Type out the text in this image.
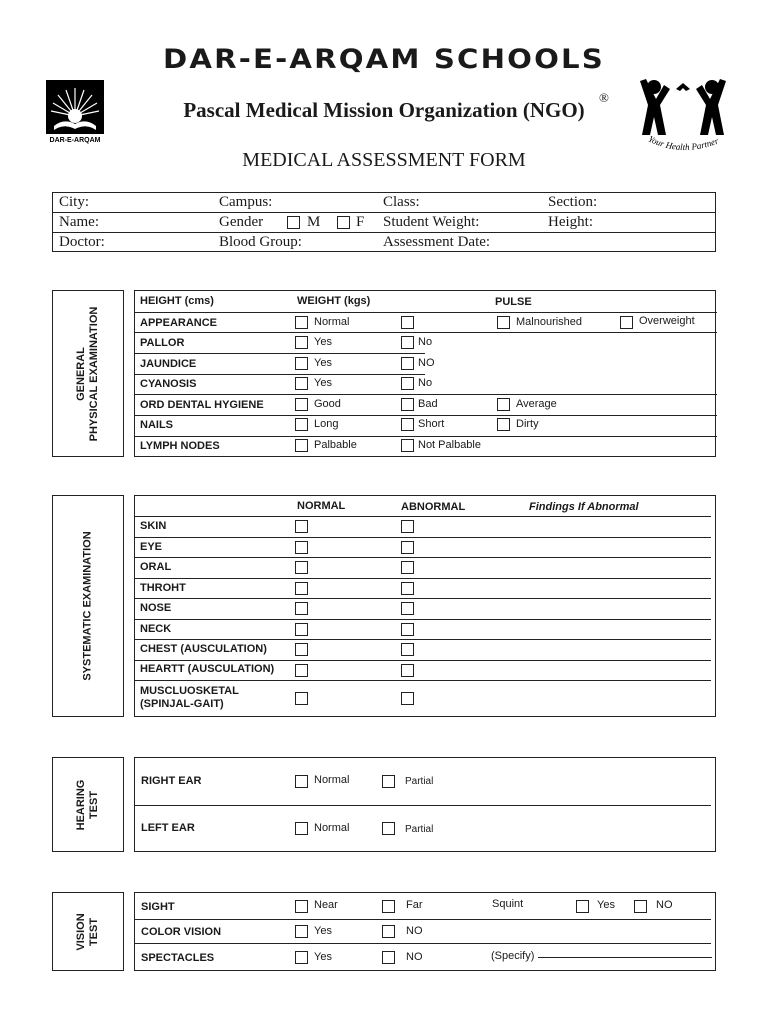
DAR-E-ARQAM SCHOOLS
DAR-E-ARQAM
Pascal Medical Mission Organization (NGO)
®
Your Health Partner
MEDICAL ASSESSMENT FORM
City:	Campus:	Class:	Section:
Name:	Gender	M F Student Weight:	Height:
Doctor:	Blood Group:	Assessment Date:
GENERAL PHYSICAL EXAMINATION
HEIGHT (cms)	WEIGHT (kgs)	PULSE
APPEARANCE	Normal	Malnourished	Overweight
PALLOR	Yes	No
JAUNDICE	Yes	NO
CYANOSIS	Yes	No
ORD DENTAL HYGIENE	Good	Bad	Average
NAILS	Long	Short	Dirty
LYMPH NODES	Palbable	Not Palbable
SYSTEMATIC EXAMINATION
NORMAL	ABNORMAL	Findings If Abnormal
SKIN
EYE
ORAL
THROHT
NOSE
NECK
CHEST (AUSCULATION)
HEARTT (AUSCULATION)
MUSCLUOSKETAL
(SPINJAL-GAIT)
HEARING TEST
RIGHT EAR	Normal	Partial
LEFT EAR	Normal	Partial
VISION TEST
SIGHT	Near	Far	Squint	Yes	NO
COLOR VISION	Yes	NO
SPECTACLES	Yes	NO	(Specify)
